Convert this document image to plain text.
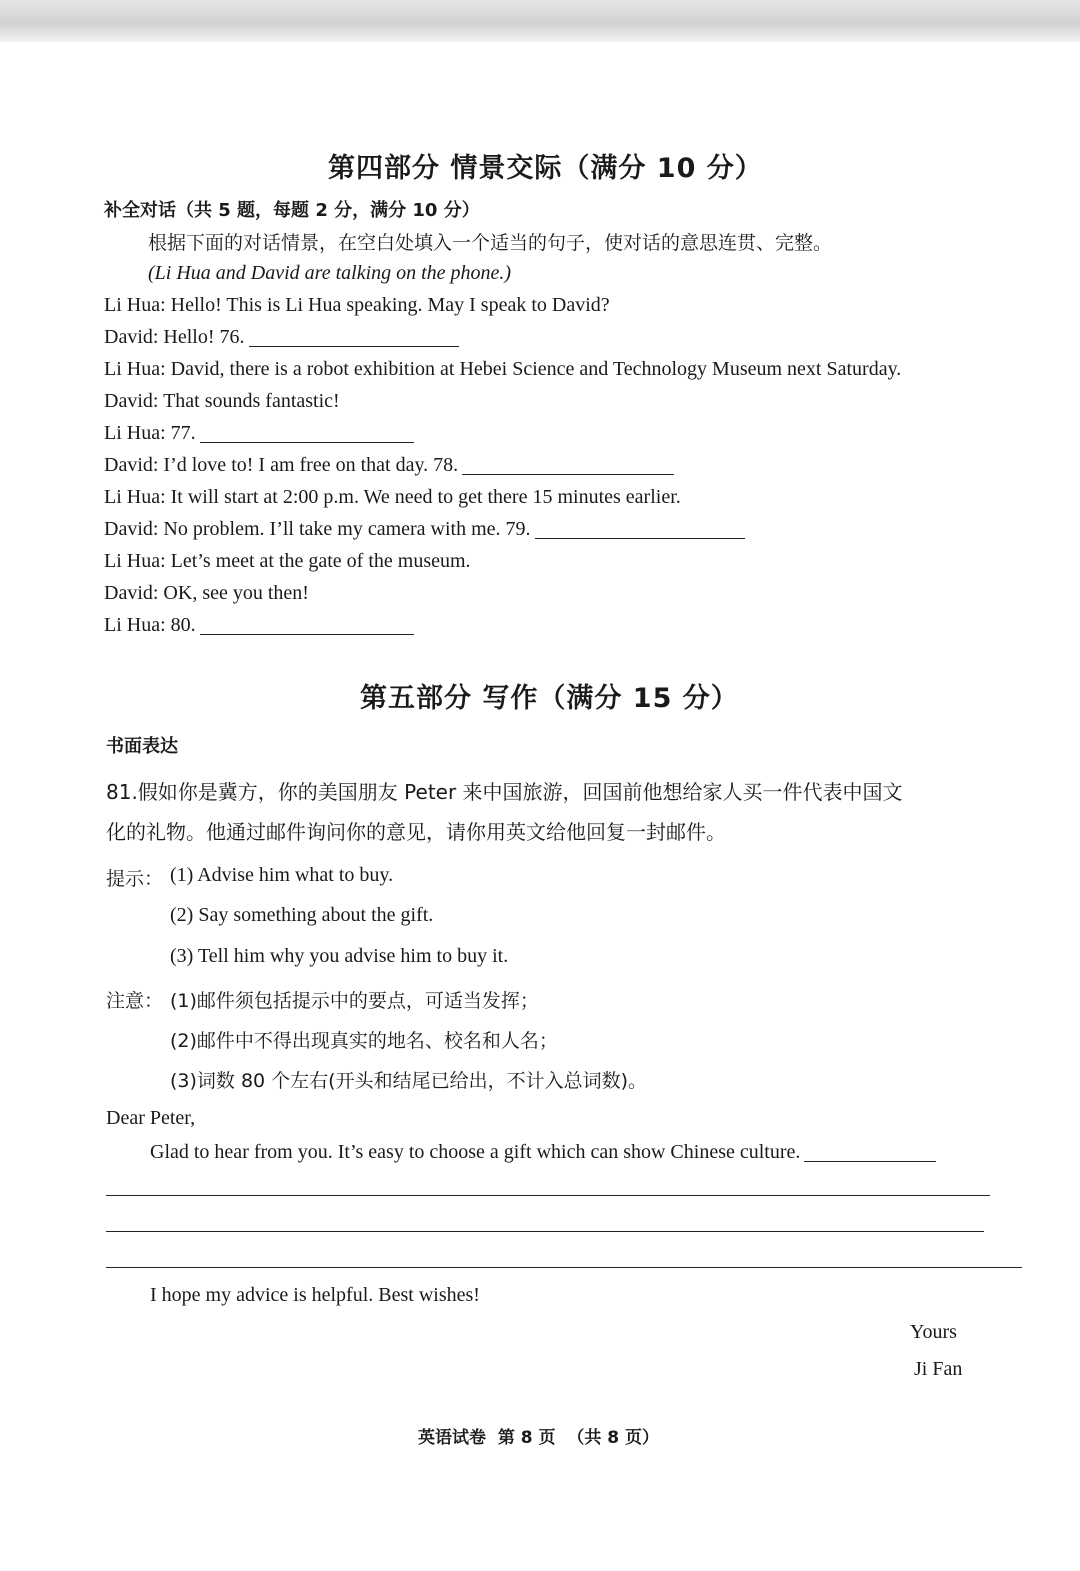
第四部分 情景交际（满分 10 分）
补全对话（共 5 题，每题 2 分，满分 10 分）
根据下面的对话情景，在空白处填入一个适当的句子，使对话的意思连贯、完整。
(Li Hua and David are talking on the phone.)
Li Hua: Hello! This is Li Hua speaking. May I speak to David?
David: Hello! 76.
Li Hua: David, there is a robot exhibition at Hebei Science and Technology Museum next Saturday.
David: That sounds fantastic!
Li Hua: 77.
David: I’d love to! I am free on that day. 78.
Li Hua: It will start at 2:00 p.m. We need to get there 15 minutes earlier.
David: No problem. I’ll take my camera with me. 79.
Li Hua: Let’s meet at the gate of the museum.
David: OK, see you then!
Li Hua: 80.
第五部分 写作（满分 15 分）
书面表达
81.假如你是冀方，你的美国朋友 Peter 来中国旅游，回国前他想给家人买一件代表中国文
化的礼物。他通过邮件询问你的意见，请你用英文给他回复一封邮件。
提示： (1) Advise him what to buy.
(2) Say something about the gift.
(3) Tell him why you advise him to buy it.
注意： (1)邮件须包括提示中的要点，可适当发挥；
(2)邮件中不得出现真实的地名、校名和人名；
(3)词数 80 个左右(开头和结尾已给出，不计入总词数)。
Dear Peter,
Glad to hear from you. It’s easy to choose a gift which can show Chinese culture.
I hope my advice is helpful. Best wishes!
Yours
Ji Fan
英语试卷  第 8 页  （共 8 页）
